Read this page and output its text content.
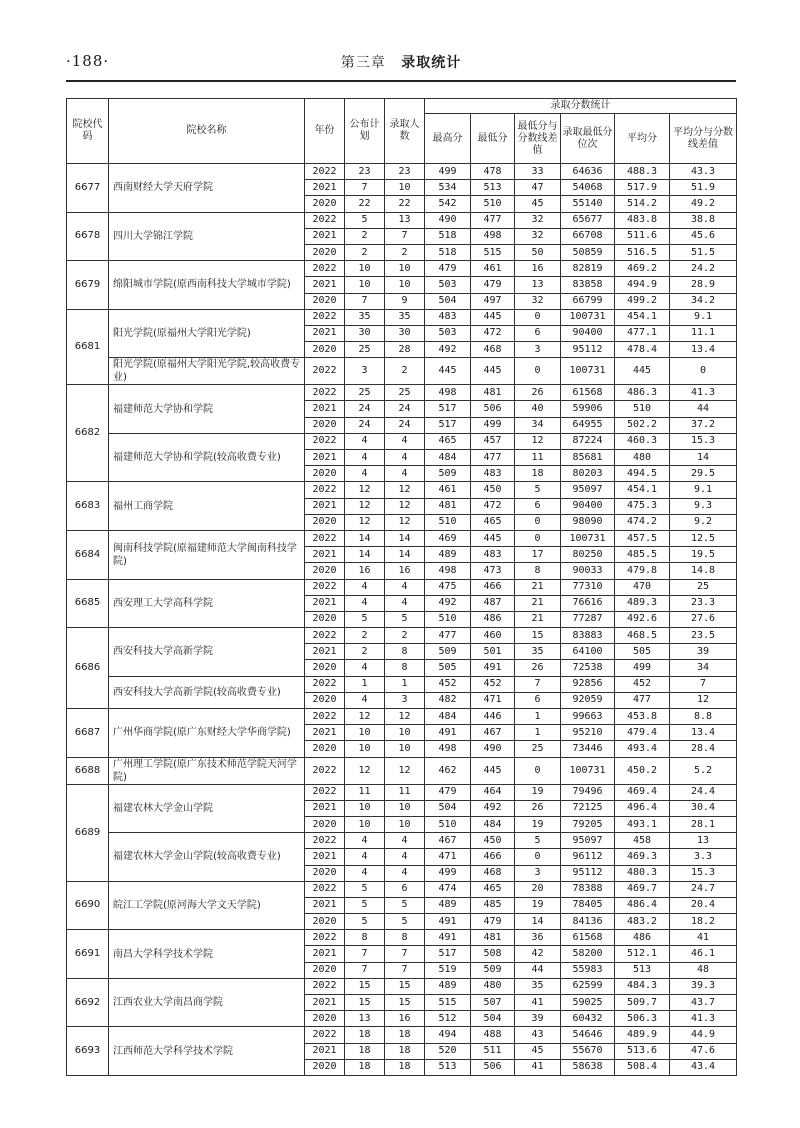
·188·	第三章 录取统计
院校代码	院校名称	年份	公布计划	录取人数	录取分数统计					
					最高分	最低分	最低分与分数线差值	录取最低分位次	平均分	平均分与分数线差值
6677	西南财经大学天府学院	2022	23	23	499	478	33	64636	488.3	43.3
		2021	7	10	534	513	47	54068	517.9	51.9
		2020	22	22	542	510	45	55140	514.2	49.2
6678	四川大学锦江学院	2022	5	13	490	477	32	65677	483.8	38.8
		2021	2	7	518	498	32	66708	511.6	45.6
		2020	2	2	518	515	50	50859	516.5	51.5
6679	绵阳城市学院(原西南科技大学城市学院)	2022	10	10	479	461	16	82819	469.2	24.2
		2021	10	10	503	479	13	83858	494.9	28.9
		2020	7	9	504	497	32	66799	499.2	34.2
6681	阳光学院(原福州大学阳光学院)	2022	35	35	483	445	0	100731	454.1	9.1
		2021	30	30	503	472	6	90400	477.1	11.1
		2020	25	28	492	468	3	95112	478.4	13.4
	阳光学院(原福州大学阳光学院,较高收费专业)	2022	3	2	445	445	0	100731	445	0
6682	福建师范大学协和学院	2022	25	25	498	481	26	61568	486.3	41.3
		2021	24	24	517	506	40	59906	510	44
		2020	24	24	517	499	34	64955	502.2	37.2
	福建师范大学协和学院(较高收费专业)	2022	4	4	465	457	12	87224	460.3	15.3
		2021	4	4	484	477	11	85681	480	14
		2020	4	4	509	483	18	80203	494.5	29.5
6683	福州工商学院	2022	12	12	461	450	5	95097	454.1	9.1
		2021	12	12	481	472	6	90400	475.3	9.3
		2020	12	12	510	465	0	98090	474.2	9.2
6684	闽南科技学院(原福建师范大学闽南科技学院)	2022	14	14	469	445	0	100731	457.5	12.5
		2021	14	14	489	483	17	80250	485.5	19.5
		2020	16	16	498	473	8	90033	479.8	14.8
6685	西安理工大学高科学院	2022	4	4	475	466	21	77310	470	25
		2021	4	4	492	487	21	76616	489.3	23.3
		2020	5	5	510	486	21	77287	492.6	27.6
6686	西安科技大学高新学院	2022	2	2	477	460	15	83883	468.5	23.5
		2021	2	8	509	501	35	64100	505	39
		2020	4	8	505	491	26	72538	499	34
	西安科技大学高新学院(较高收费专业)	2022	1	1	452	452	7	92856	452	7
		2020	4	3	482	471	6	92059	477	12
6687	广州华商学院(原广东财经大学华商学院)	2022	12	12	484	446	1	99663	453.8	8.8
		2021	10	10	491	467	1	95210	479.4	13.4
		2020	10	10	498	490	25	73446	493.4	28.4
6688	广州理工学院(原广东技术师范学院天河学院)	2022	12	12	462	445	0	100731	450.2	5.2
6689	福建农林大学金山学院	2022	11	11	479	464	19	79496	469.4	24.4
		2021	10	10	504	492	26	72125	496.4	30.4
		2020	10	10	510	484	19	79205	493.1	28.1
	福建农林大学金山学院(较高收费专业)	2022	4	4	467	450	5	95097	458	13
		2021	4	4	471	466	0	96112	469.3	3.3
		2020	4	4	499	468	3	95112	480.3	15.3
6690	皖江工学院(原河海大学文天学院)	2022	5	6	474	465	20	78388	469.7	24.7
		2021	5	5	489	485	19	78405	486.4	20.4
		2020	5	5	491	479	14	84136	483.2	18.2
6691	南昌大学科学技术学院	2022	8	8	491	481	36	61568	486	41
		2021	7	7	517	508	42	58200	512.1	46.1
		2020	7	7	519	509	44	55983	513	48
6692	江西农业大学南昌商学院	2022	15	15	489	480	35	62599	484.3	39.3
		2021	15	15	515	507	41	59025	509.7	43.7
		2020	13	16	512	504	39	60432	506.3	41.3
6693	江西师范大学科学技术学院	2022	18	18	494	488	43	54646	489.9	44.9
		2021	18	18	520	511	45	55670	513.6	47.6
		2020	18	18	513	506	41	58638	508.4	43.4
